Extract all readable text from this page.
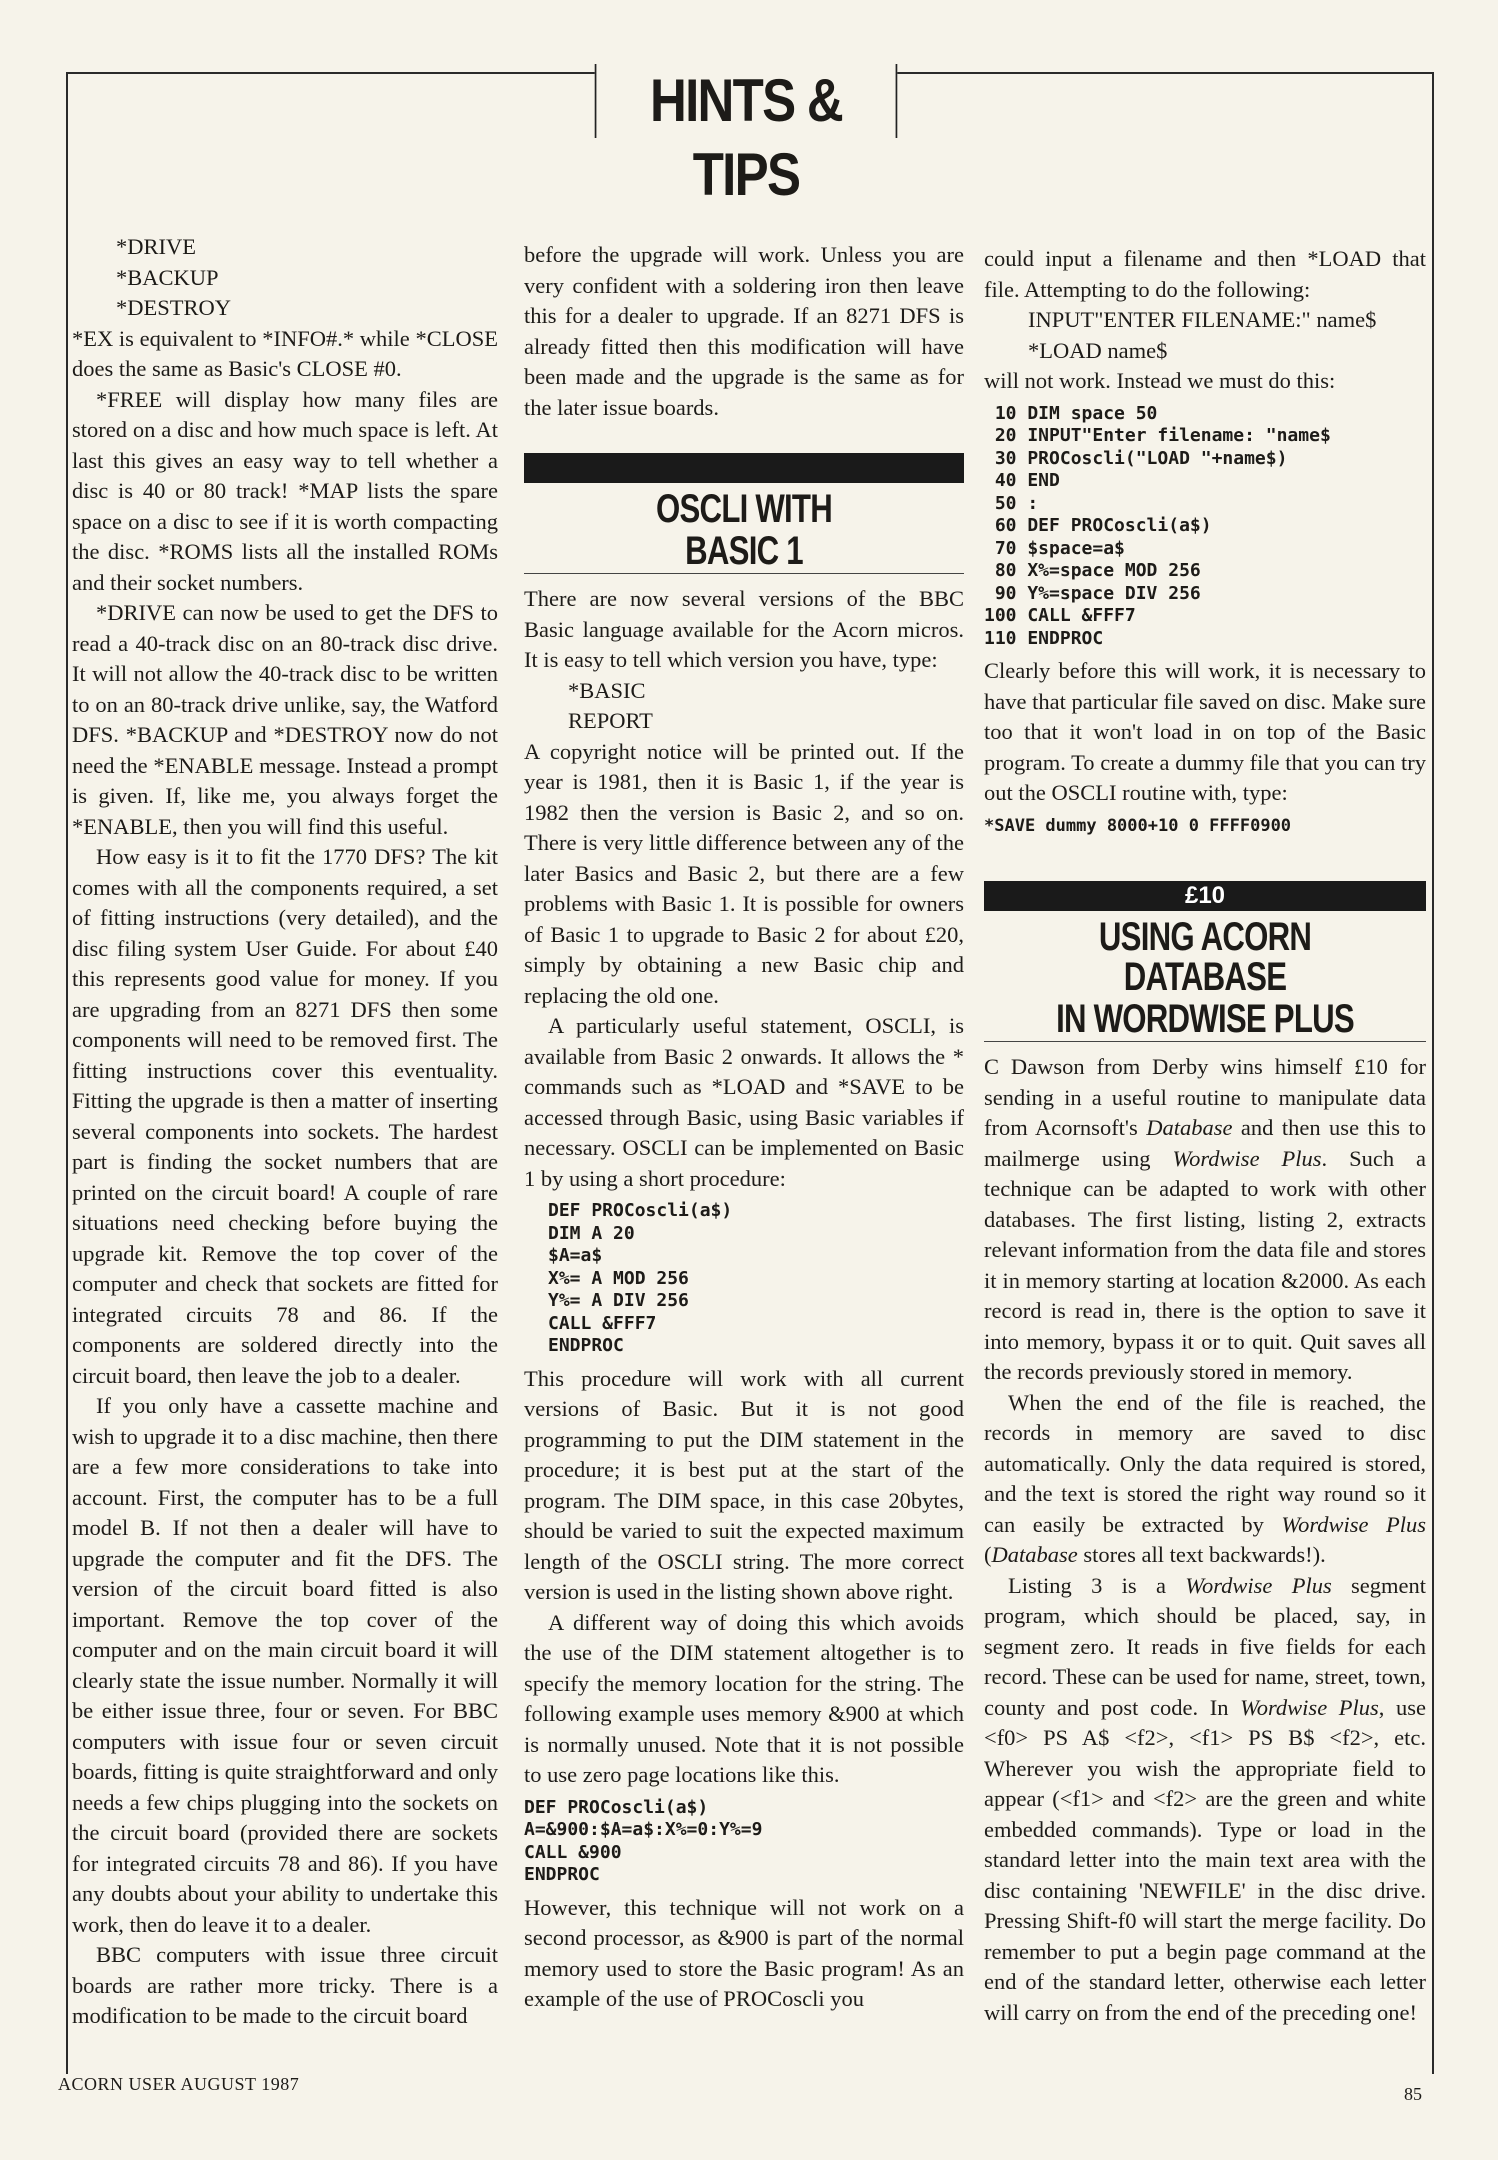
HINTS & TIPS

*DRIVE

*BACKUP

*DESTROY

*EX is equivalent to *INFO#.* while *CLOSE does the same as Basic's CLOSE #0.

*FREE will display how many files are stored on a disc and how much space is left. At last this gives an easy way to tell whether a disc is 40 or 80 track! *MAP lists the spare space on a disc to see if it is worth compacting the disc. *ROMS lists all the installed ROMs and their socket numbers.

*DRIVE can now be used to get the DFS to read a 40-track disc on an 80-track disc drive. It will not allow the 40-track disc to be written to on an 80-track drive unlike, say, the Watford DFS. *BACKUP and *DESTROY now do not need the *ENABLE message. Instead a prompt is given. If, like me, you always forget the *ENABLE, then you will find this useful.

How easy is it to fit the 1770 DFS? The kit comes with all the components required, a set of fitting instructions (very detailed), and the disc filing system User Guide. For about £40 this represents good value for money. If you are upgrading from an 8271 DFS then some components will need to be removed first. The fitting instructions cover this eventuality. Fitting the upgrade is then a matter of inserting several components into sockets. The hardest part is finding the socket numbers that are printed on the circuit board! A couple of rare situations need checking before buying the upgrade kit. Remove the top cover of the computer and check that sockets are fitted for integrated circuits 78 and 86. If the components are soldered directly into the circuit board, then leave the job to a dealer.

If you only have a cassette machine and wish to upgrade it to a disc machine, then there are a few more considerations to take into account. First, the computer has to be a full model B. If not then a dealer will have to upgrade the computer and fit the DFS. The version of the circuit board fitted is also important. Remove the top cover of the computer and on the main circuit board it will clearly state the issue number. Normally it will be either issue three, four or seven. For BBC computers with issue four or seven circuit boards, fitting is quite straightforward and only needs a few chips plugging into the sockets on the circuit board (provided there are sockets for integrated circuits 78 and 86). If you have any doubts about your ability to undertake this work, then do leave it to a dealer.

BBC computers with issue three circuit boards are rather more tricky. There is a modification to be made to the circuit board

before the upgrade will work. Unless you are very confident with a soldering iron then leave this for a dealer to upgrade. If an 8271 DFS is already fitted then this modification will have been made and the upgrade is the same as for the later issue boards.

OSCLI WITH
BASIC 1

There are now several versions of the BBC Basic language available for the Acorn micros. It is easy to tell which version you have, type:

*BASIC

REPORT

A copyright notice will be printed out. If the year is 1981, then it is Basic 1, if the year is 1982 then the version is Basic 2, and so on. There is very little difference between any of the later Basics and Basic 2, but there are a few problems with Basic 1. It is possible for owners of Basic 1 to upgrade to Basic 2 for about £20, simply by obtaining a new Basic chip and replacing the old one.

A particularly useful statement, OSCLI, is available from Basic 2 onwards. It allows the * commands such as *LOAD and *SAVE to be accessed through Basic, using Basic variables if necessary. OSCLI can be implemented on Basic 1 by using a short procedure:

DEF PROCoscli(a$)
DIM A 20
$A=a$
X%= A MOD 256
Y%= A DIV 256
CALL &FFF7
ENDPROC

This procedure will work with all current versions of Basic. But it is not good programming to put the DIM statement in the procedure; it is best put at the start of the program. The DIM space, in this case 20bytes, should be varied to suit the expected maximum length of the OSCLI string. The more correct version is used in the listing shown above right.

A different way of doing this which avoids the use of the DIM statement altogether is to specify the memory location for the string. The following example uses memory &900 at which is normally unused. Note that it is not possible to use zero page locations like this.

DEF PROCoscli(a$)
A=&900:$A=a$:X%=0:Y%=9
CALL &900
ENDPROC

However, this technique will not work on a second processor, as &900 is part of the normal memory used to store the Basic program! As an example of the use of PROCoscli you

could input a filename and then *LOAD that file. Attempting to do the following:

INPUT"ENTER FILENAME:" name$

*LOAD name$

will not work. Instead we must do this:

10 DIM space 50
20 INPUT"Enter filename: "name$
30 PROCoscli("LOAD "+name$)
40 END
50 :
60 DEF PROCoscli(a$)
70 $space=a$
80 X%=space MOD 256
90 Y%=space DIV 256
100 CALL &FFF7
110 ENDPROC

Clearly before this will work, it is necessary to have that particular file saved on disc. Make sure too that it won't load in on top of the Basic program. To create a dummy file that you can try out the OSCLI routine with, type:

*SAVE dummy 8000+10 0 FFFF0900
£10
USING ACORN DATABASE
IN WORDWISE PLUS

C Dawson from Derby wins himself £10 for sending in a useful routine to manipulate data from Acornsoft's Database and then use this to mailmerge using Wordwise Plus. Such a technique can be adapted to work with other databases. The first listing, listing 2, extracts relevant information from the data file and stores it in memory starting at location &2000. As each record is read in, there is the option to save it into memory, bypass it or to quit. Quit saves all the records previously stored in memory.

When the end of the file is reached, the records in memory are saved to disc automatically. Only the data required is stored, and the text is stored the right way round so it can easily be extracted by Wordwise Plus (Database stores all text backwards!).

Listing 3 is a Wordwise Plus segment program, which should be placed, say, in segment zero. It reads in five fields for each record. These can be used for name, street, town, county and post code. In Wordwise Plus, use <f0> PS A$ <f2>, <f1> PS B$ <f2>, etc. Wherever you wish the appropriate field to appear (<f1> and <f2> are the green and white embedded commands). Type or load in the standard letter into the main text area with the disc containing 'NEWFILE' in the disc drive. Pressing Shift-f0 will start the merge facility. Do remember to put a begin page command at the end of the standard letter, otherwise each letter will carry on from the end of the preceding one!

ACORN USER AUGUST 1987	85
